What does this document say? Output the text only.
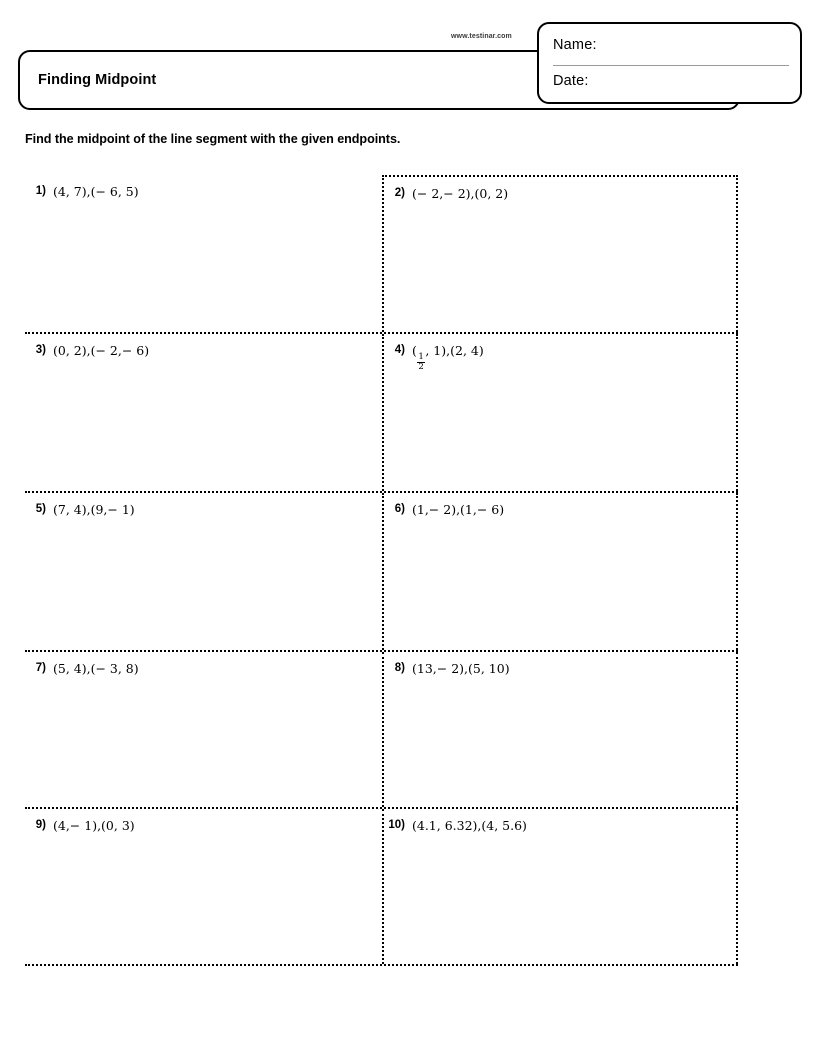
Finding Midpoint
www.testinar.com
Name:
Date:
Find the midpoint of the line segment with the given endpoints.
1) (4, 7),(− 6, 5)	2) (− 2,− 2),(0, 2)
3) (0, 2),(− 2,− 6)	4) (
$\frac{1}{2}$
, 1),(2, 4)
5) (7, 4),(9,− 1)	6) (1,− 2),(1,− 6)
7) (5, 4),(− 3, 8)	8) (13,− 2),(5, 10)
9) (4,− 1),(0, 3)	10) (4.1, 6.32),(4, 5.6)
